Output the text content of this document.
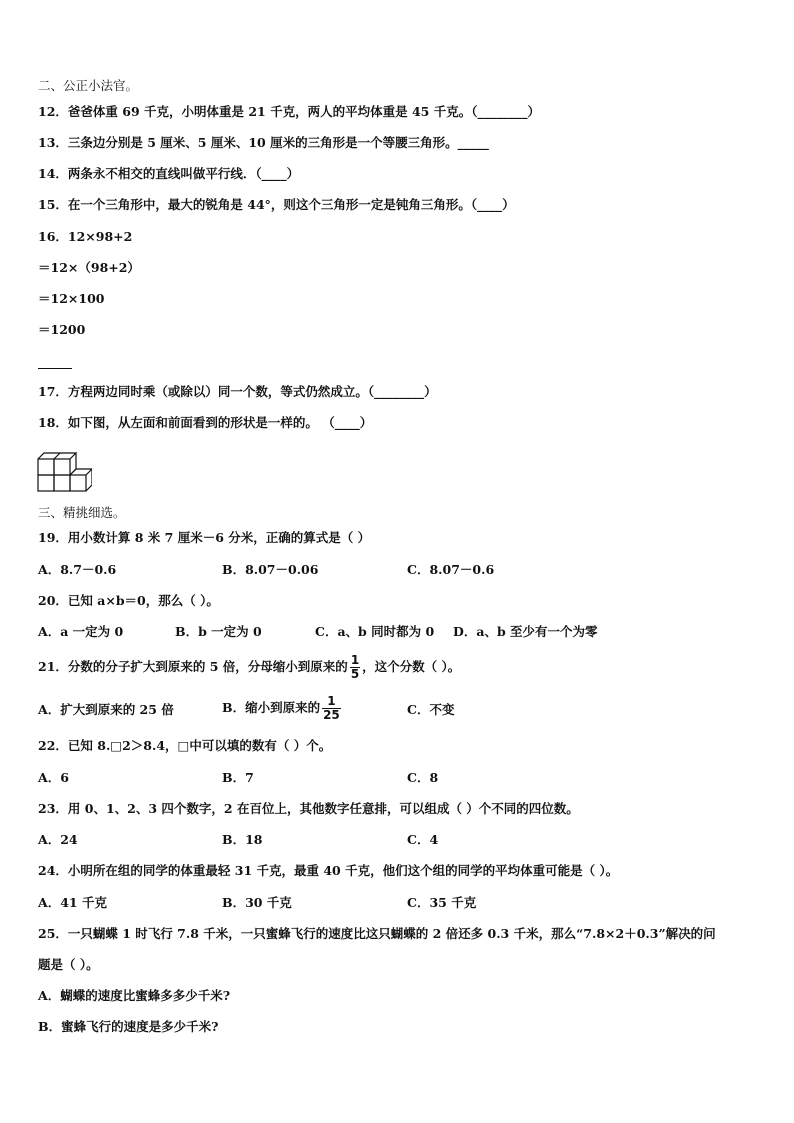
二、公正小法官。
12．爸爸体重 69 千克，小明体重是 21 千克，两人的平均体重是 45 千克。（________）
13．三条边分别是 5 厘米、5 厘米、10 厘米的三角形是一个等腰三角形。_____
14．两条永不相交的直线叫做平行线．（____）
15．在一个三角形中，最大的锐角是 44°，则这个三角形一定是钝角三角形。（____）
16．12×98+2
＝12×（98+2）
＝12×100
＝1200
17．方程两边同时乘（或除以）同一个数，等式仍然成立。（________）
18．如下图，从左面和前面看到的形状是一样的。 （____）
三、精挑细选。
19．用小数计算 8 米 7 厘米－6 分米，正确的算式是（ ）
A．8.7－0.6	B．8.07－0.06	C．8.07－0.6
20．已知 a×b＝0，那么（ ）。
A．a 一定为 0	B．b 一定为 0	C．a、b 同时都为 0 D．a、b 至少有一个为零
21．分数的分子扩大到原来的 5 倍，分母缩小到原来的 $\frac{1}{5}$ ，这个分数（ ）。
A．扩大到原来的 25 倍	B．缩小到原来的 $\frac{1}{25}$	C．不变
22．已知 8.□2＞8.4，□中可以填的数有（ ）个。
A．6	B．7	C．8
23．用 0、1、2、3 四个数字，2 在百位上，其他数字任意排，可以组成（ ）个不同的四位数。
A．24	B．18	C．4
24．小明所在组的同学的体重最轻 31 千克，最重 40 千克，他们这个组的同学的平均体重可能是（ ）。
A．41 千克	B．30 千克	C．35 千克
25．一只蝴蝶 1 时飞行 7.8 千米，一只蜜蜂飞行的速度比这只蝴蝶的 2 倍还多 0.3 千米，那么“7.8×2＋0.3”解决的问
题是（ ）。
A．蝴蝶的速度比蜜蜂多多少千米?
B．蜜蜂飞行的速度是多少千米?
